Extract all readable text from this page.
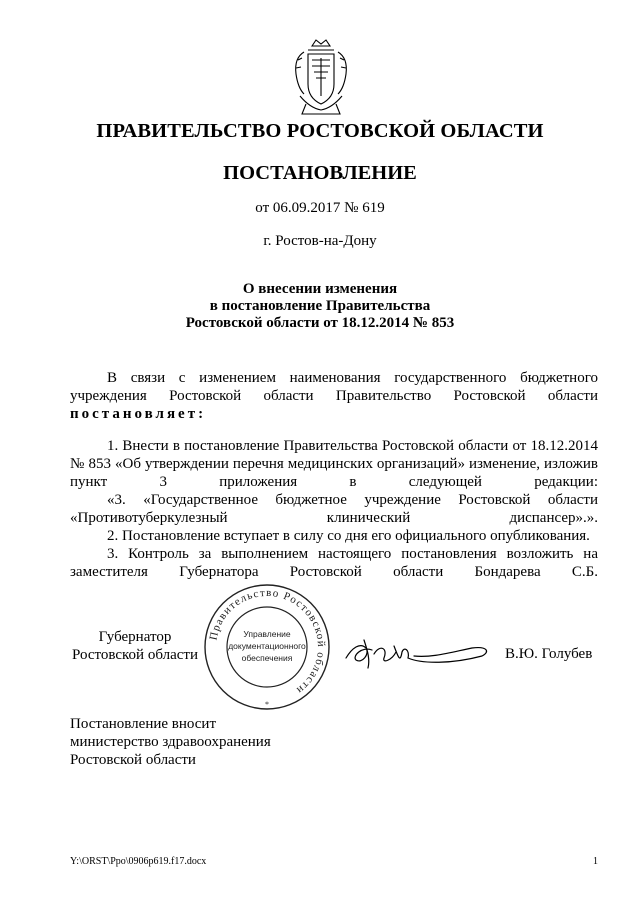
ПРАВИТЕЛЬСТВО РОСТОВСКОЙ ОБЛАСТИ
ПОСТАНОВЛЕНИЕ
от 06.09.2017 № 619
г. Ростов-на-Дону
О внесении изменения
в постановление Правительства
Ростовской области от 18.12.2014 № 853
В связи с изменением наименования государственного бюджетного учреждения Ростовской области Правительство Ростовской области
постановляет:
1. Внести в постановление Правительства Ростовской области от 18.12.2014 № 853 «Об утверждении перечня медицинских организаций» изменение, изложив пункт 3 приложения в следующей редакции:
«3. «Государственное бюджетное учреждение Ростовской области «Противотуберкулезный клинический диспансер».».
2. Постановление вступает в силу со дня его официального опубликования.
3. Контроль за выполнением настоящего постановления возложить на заместителя Губернатора Ростовской области Бондарева С.Б.
Губернатор
Ростовской области
Правительство Ростовской области
Управление
документационного
обеспечения
*
В.Ю. Голубев
Постановление вносит
министерство здравоохранения
Ростовской области
Y:\ORST\Ppo\0906p619.f17.docx	1
